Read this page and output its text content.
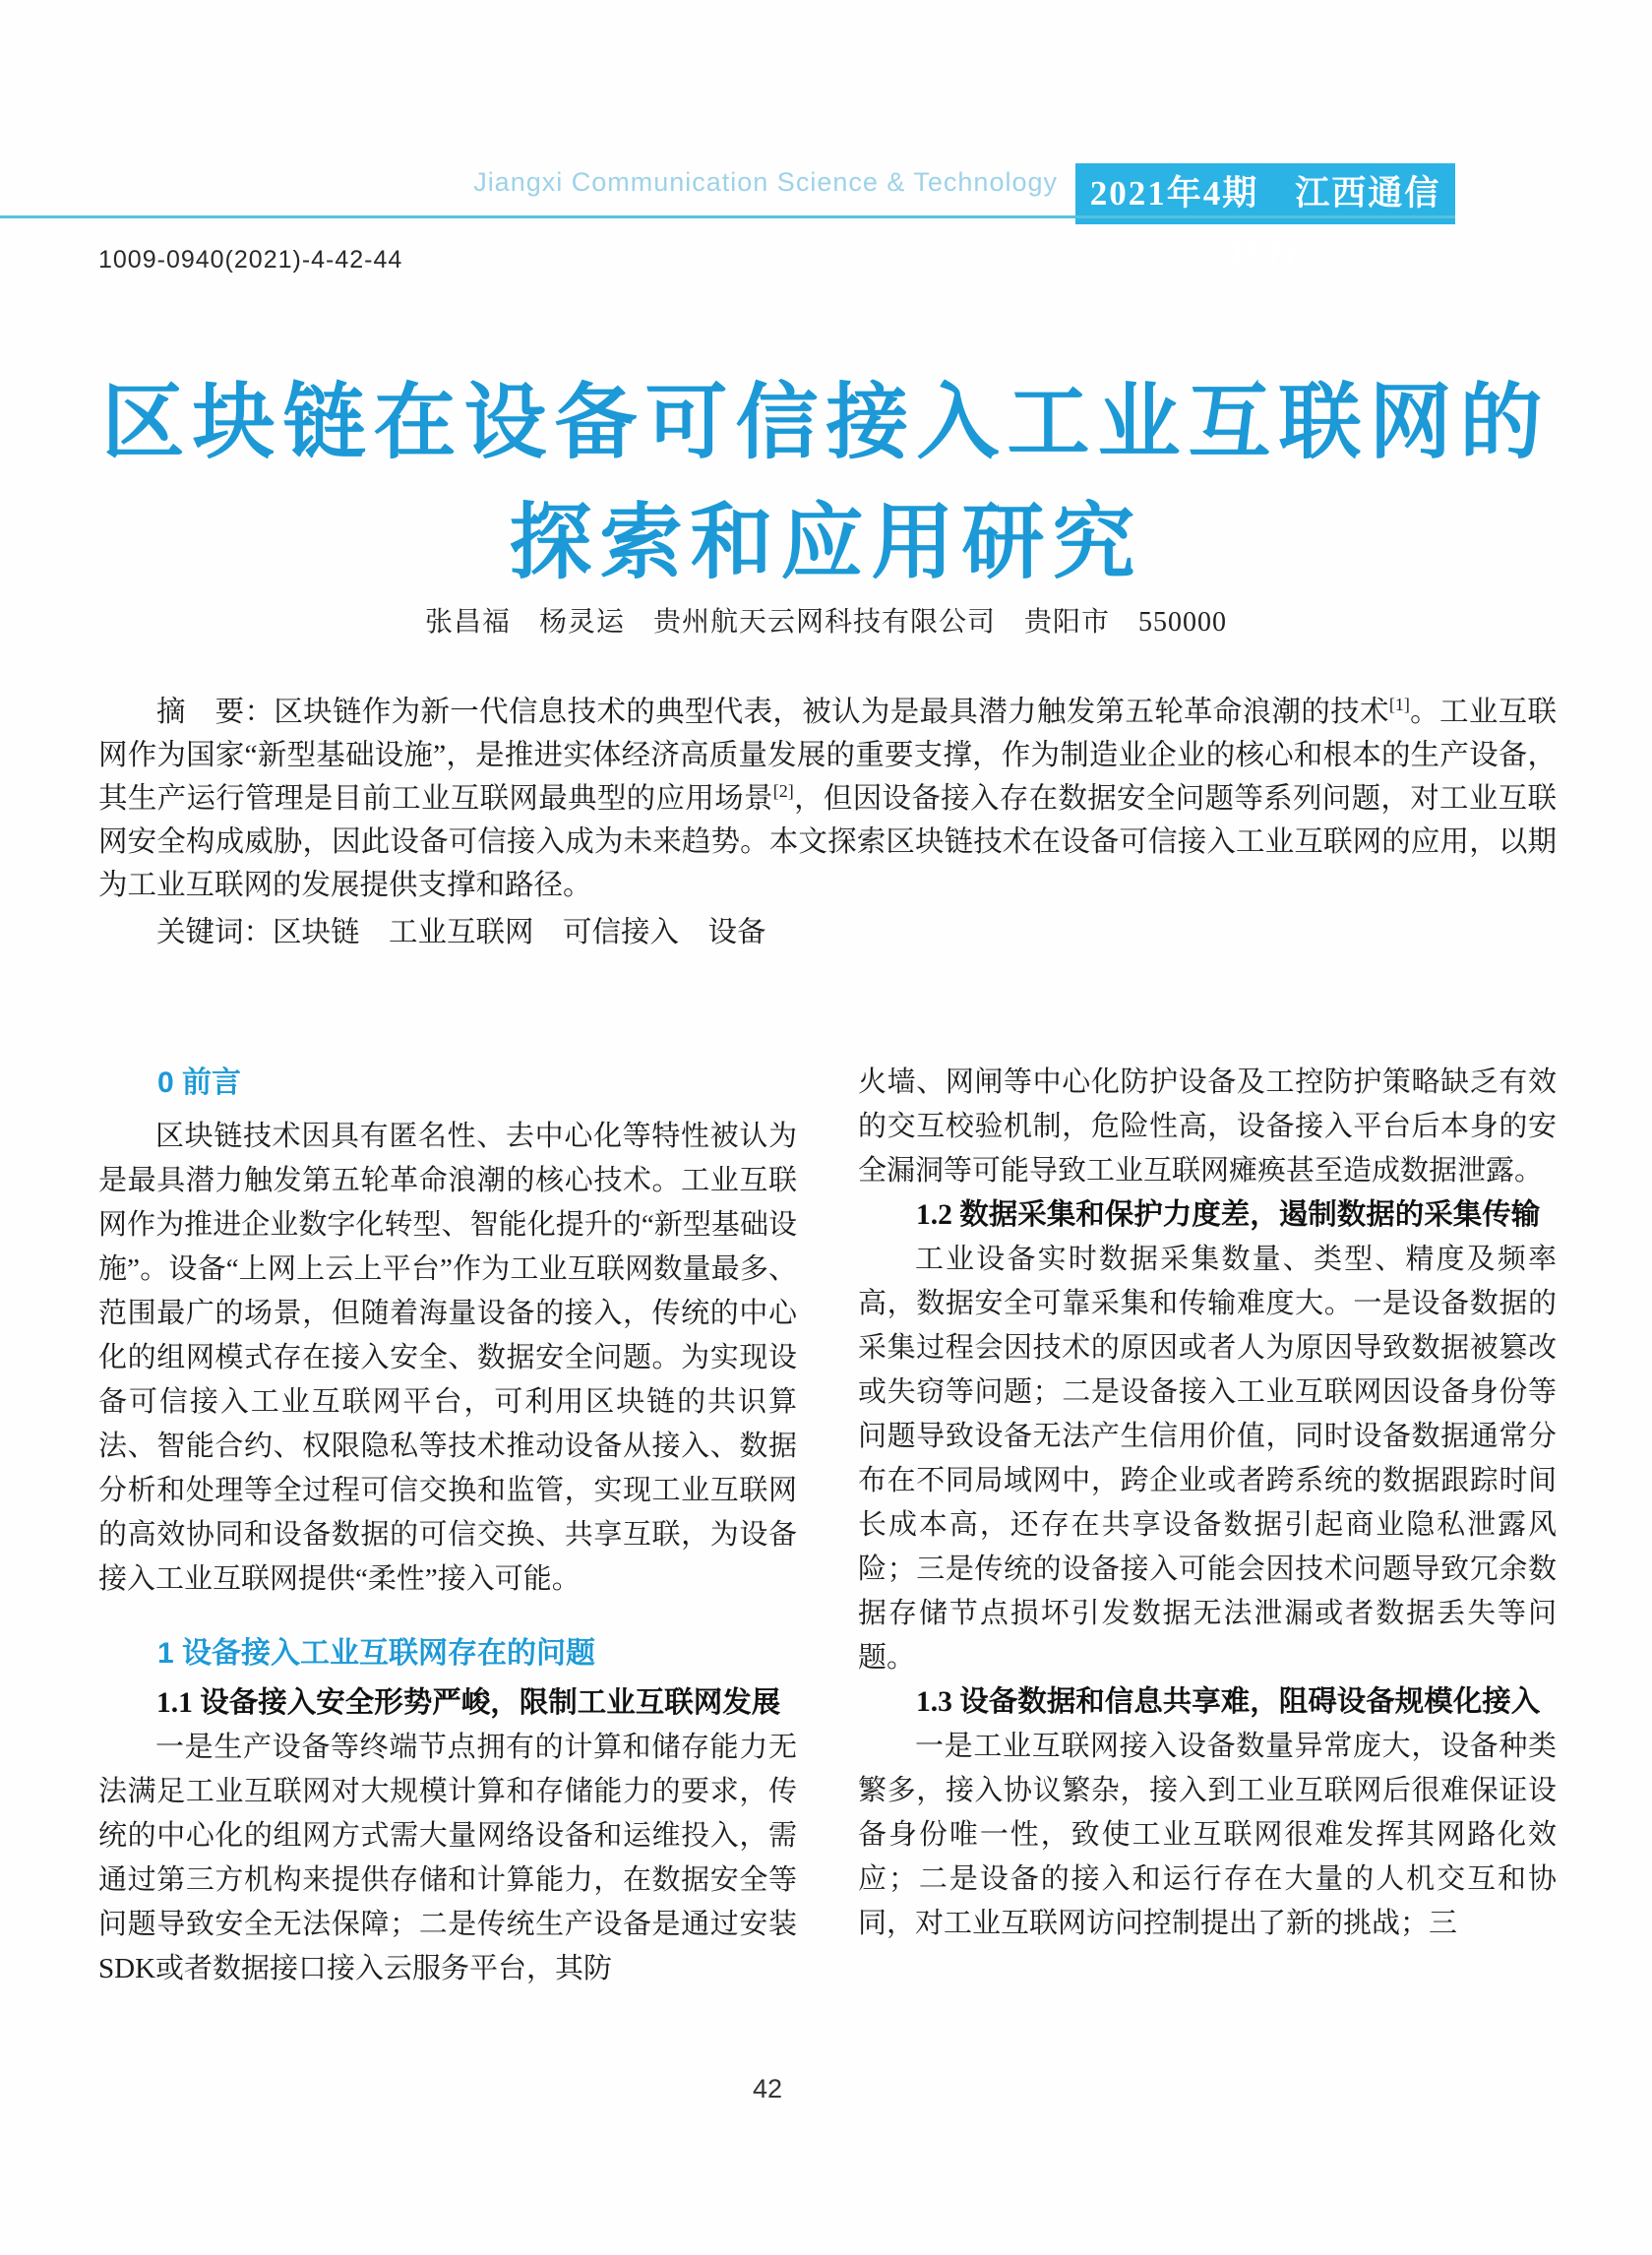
Jiangxi Communication Science & Technology 2021年4期　江西通信科技
1009-0940(2021)-4-42-44
区块链在设备可信接入工业互联网的
探索和应用研究
张昌福　杨灵运　贵州航天云网科技有限公司　贵阳市　550000

摘　要：区块链作为新一代信息技术的典型代表，被认为是最具潜力触发第五轮革命浪潮的技术[1]。工业互联网作为国家“新型基础设施”，是推进实体经济高质量发展的重要支撑，作为制造业企业的核心和根本的生产设备，其生产运行管理是目前工业互联网最典型的应用场景[2]，但因设备接入存在数据安全问题等系列问题，对工业互联网安全构成威胁，因此设备可信接入成为未来趋势。本文探索区块链技术在设备可信接入工业互联网的应用，以期为工业互联网的发展提供支撑和路径。

关键词：区块链　工业互联网　可信接入　设备

0 前言

区块链技术因具有匿名性、去中心化等特性被认为是最具潜力触发第五轮革命浪潮的核心技术。工业互联网作为推进企业数字化转型、智能化提升的“新型基础设施”。设备“上网上云上平台”作为工业互联网数量最多、范围最广的场景，但随着海量设备的接入，传统的中心化的组网模式存在接入安全、数据安全问题。为实现设备可信接入工业互联网平台，可利用区块链的共识算法、智能合约、权限隐私等技术推动设备从接入、数据分析和处理等全过程可信交换和监管，实现工业互联网的高效协同和设备数据的可信交换、共享互联，为设备接入工业互联网提供“柔性”接入可能。

1 设备接入工业互联网存在的问题
1.1 设备接入安全形势严峻，限制工业互联网发展

一是生产设备等终端节点拥有的计算和储存能力无法满足工业互联网对大规模计算和存储能力的要求，传统的中心化的组网方式需大量网络设备和运维投入，需通过第三方机构来提供存储和计算能力，在数据安全等问题导致安全无法保障；二是传统生产设备是通过安装SDK或者数据接口接入云服务平台，其防

火墙、网闸等中心化防护设备及工控防护策略缺乏有效的交互校验机制，危险性高，设备接入平台后本身的安全漏洞等可能导致工业互联网瘫痪甚至造成数据泄露。

1.2 数据采集和保护力度差，遏制数据的采集传输

工业设备实时数据采集数量、类型、精度及频率高，数据安全可靠采集和传输难度大。一是设备数据的采集过程会因技术的原因或者人为原因导致数据被篡改或失窃等问题；二是设备接入工业互联网因设备身份等问题导致设备无法产生信用价值，同时设备数据通常分布在不同局域网中，跨企业或者跨系统的数据跟踪时间长成本高，还存在共享设备数据引起商业隐私泄露风险；三是传统的设备接入可能会因技术问题导致冗余数据存储节点损坏引发数据无法泄漏或者数据丢失等问题。

1.3 设备数据和信息共享难，阻碍设备规模化接入

一是工业互联网接入设备数量异常庞大，设备种类繁多，接入协议繁杂，接入到工业互联网后很难保证设备身份唯一性，致使工业互联网很难发挥其网路化效应；二是设备的接入和运行存在大量的人机交互和协同，对工业互联网访问控制提出了新的挑战；三

42
